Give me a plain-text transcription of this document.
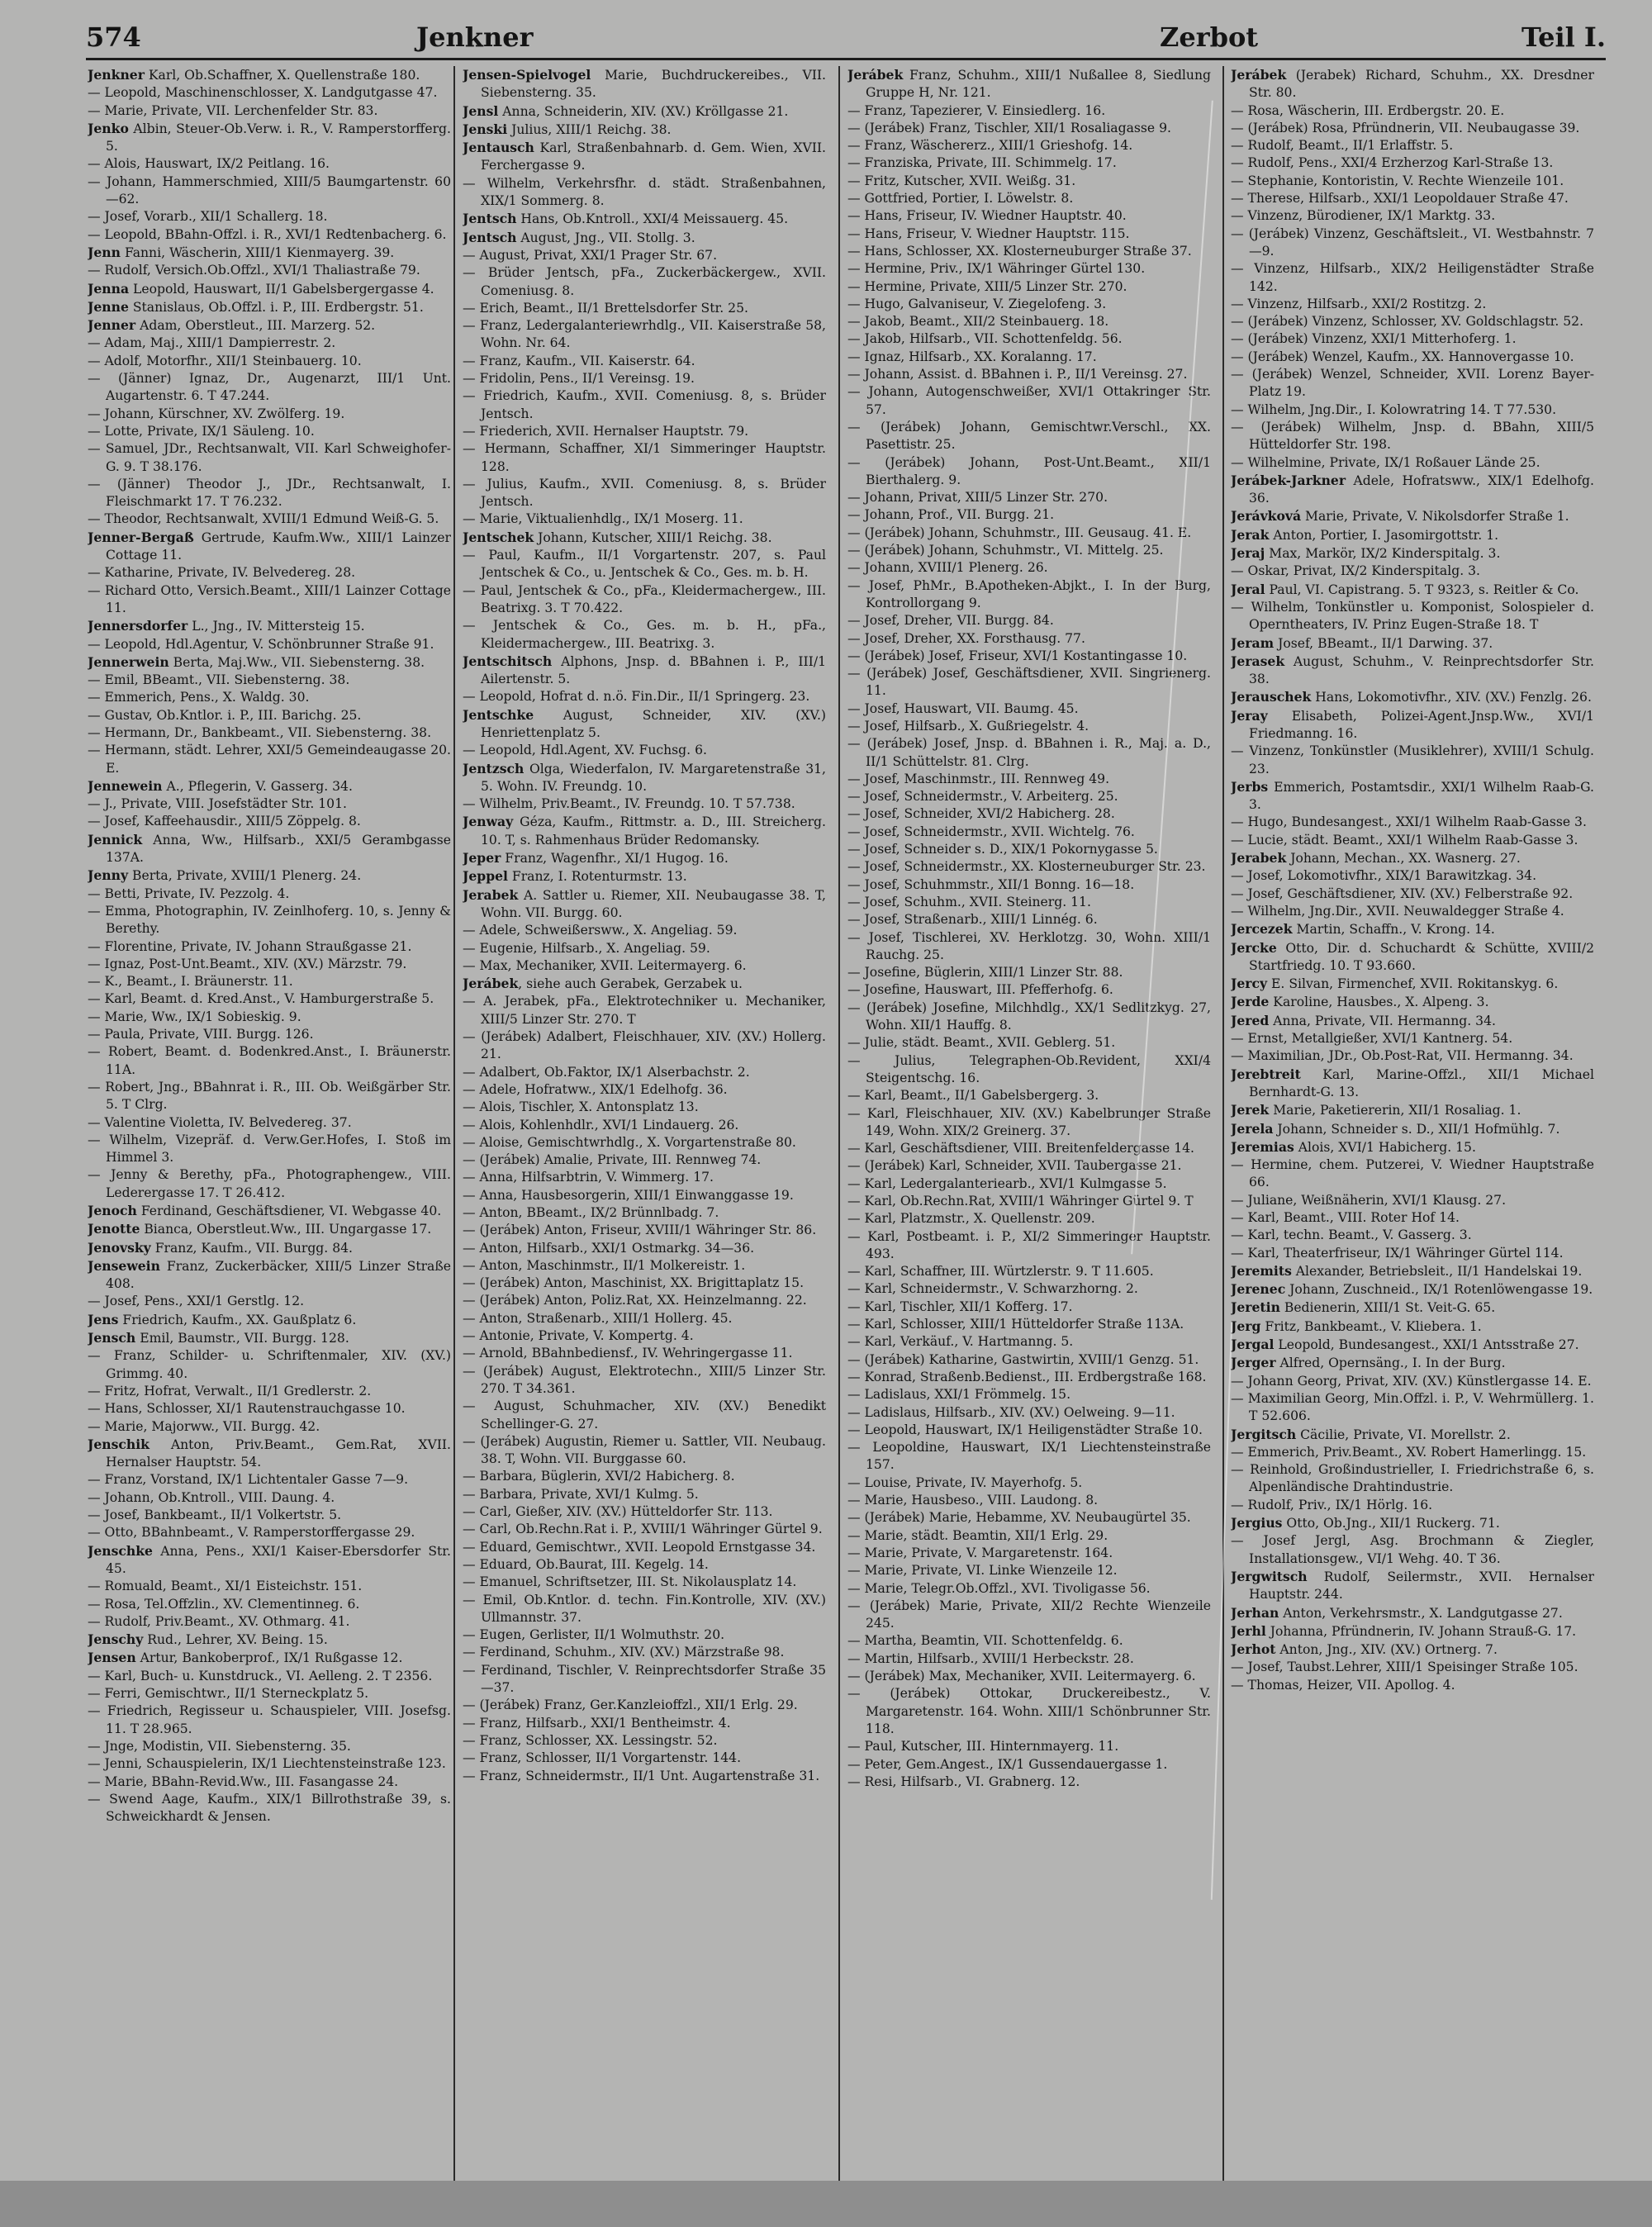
574	Jenkner	Zerbot	Teil I.

Jenkner Karl, Ob.Schaffner, X. Quellenstraße 180.

— Leopold, Maschinenschlosser, X. Landgutgasse 47.

— Marie, Private, VII. Lerchenfelder Str. 83.

Jenko Albin, Steuer-Ob.Verw. i. R., V. Ramperstorfferg. 5.

— Alois, Hauswart, IX/2 Peitlang. 16.

— Johann, Hammerschmied, XIII/5 Baumgartenstr. 60—62.

— Josef, Vorarb., XII/1 Schallerg. 18.

— Leopold, BBahn-Offzl. i. R., XVI/1 Redtenbacherg. 6.

Jenn Fanni, Wäscherin, XIII/1 Kienmayerg. 39.

— Rudolf, Versich.Ob.Offzl., XVI/1 Thaliastraße 79.

Jenna Leopold, Hauswart, II/1 Gabelsbergergasse 4.

Jenne Stanislaus, Ob.Offzl. i. P., III. Erdbergstr. 51.

Jenner Adam, Oberstleut., III. Marzerg. 52.

— Adam, Maj., XIII/1 Dampierrestr. 2.

— Adolf, Motorfhr., XII/1 Steinbauerg. 10.

— (Jänner) Ignaz, Dr., Augenarzt, III/1 Unt. Augartenstr. 6. T 47.244.

— Johann, Kürschner, XV. Zwölferg. 19.

— Lotte, Private, IX/1 Säuleng. 10.

— Samuel, JDr., Rechtsanwalt, VII. Karl Schweighofer-G. 9. T 38.176.

— (Jänner) Theodor J., JDr., Rechtsanwalt, I. Fleischmarkt 17. T 76.232.

— Theodor, Rechtsanwalt, XVIII/1 Edmund Weiß-G. 5.

Jenner-Bergaß Gertrude, Kaufm.Ww., XIII/1 Lainzer Cottage 11.

— Katharine, Private, IV. Belvedereg. 28.

— Richard Otto, Versich.Beamt., XIII/1 Lainzer Cottage 11.

Jennersdorfer L., Jng., IV. Mittersteig 15.

— Leopold, Hdl.Agentur, V. Schönbrunner Straße 91.

Jennerwein Berta, Maj.Ww., VII. Siebensterng. 38.

— Emil, BBeamt., VII. Siebensterng. 38.

— Emmerich, Pens., X. Waldg. 30.

— Gustav, Ob.Kntlor. i. P., III. Barichg. 25.

— Hermann, Dr., Bankbeamt., VII. Siebensterng. 38.

— Hermann, städt. Lehrer, XXI/5 Gemeindeaugasse 20. E.

Jennewein A., Pflegerin, V. Gasserg. 34.

— J., Private, VIII. Josefstädter Str. 101.

— Josef, Kaffeehausdir., XIII/5 Zöppelg. 8.

Jennick Anna, Ww., Hilfsarb., XXI/5 Gerambgasse 137A.

Jenny Berta, Private, XVIII/1 Plenerg. 24.

— Betti, Private, IV. Pezzolg. 4.

— Emma, Photographin, IV. Zeinlhoferg. 10, s. Jenny & Berethy.

— Florentine, Private, IV. Johann Straußgasse 21.

— Ignaz, Post-Unt.Beamt., XIV. (XV.) Märzstr. 79.

— K., Beamt., I. Bräunerstr. 11.

— Karl, Beamt. d. Kred.Anst., V. Hamburgerstraße 5.

— Marie, Ww., IX/1 Sobieskig. 9.

— Paula, Private, VIII. Burgg. 126.

— Robert, Beamt. d. Bodenkred.Anst., I. Bräunerstr. 11A.

— Robert, Jng., BBahnrat i. R., III. Ob. Weißgärber Str. 5. T Clrg.

— Valentine Violetta, IV. Belvedereg. 37.

— Wilhelm, Vizepräf. d. Verw.Ger.Hofes, I. Stoß im Himmel 3.

— Jenny & Berethy, pFa., Photographengew., VIII. Lederergasse 17. T 26.412.

Jenoch Ferdinand, Geschäftsdiener, VI. Webgasse 40.

Jenotte Bianca, Oberstleut.Ww., III. Ungargasse 17.

Jenovsky Franz, Kaufm., VII. Burgg. 84.

Jensewein Franz, Zuckerbäcker, XIII/5 Linzer Straße 408.

— Josef, Pens., XXI/1 Gerstlg. 12.

Jens Friedrich, Kaufm., XX. Gaußplatz 6.

Jensch Emil, Baumstr., VII. Burgg. 128.

— Franz, Schilder- u. Schriftenmaler, XIV. (XV.) Grimmg. 40.

— Fritz, Hofrat, Verwalt., II/1 Gredlerstr. 2.

— Hans, Schlosser, XI/1 Rautenstrauchgasse 10.

— Marie, Majorww., VII. Burgg. 42.

Jenschik Anton, Priv.Beamt., Gem.Rat, XVII. Hernalser Hauptstr. 54.

— Franz, Vorstand, IX/1 Lichtentaler Gasse 7—9.

— Johann, Ob.Kntroll., VIII. Daung. 4.

— Josef, Bankbeamt., II/1 Volkertstr. 5.

— Otto, BBahnbeamt., V. Ramperstorffergasse 29.

Jenschke Anna, Pens., XXI/1 Kaiser-Ebersdorfer Str. 45.

— Romuald, Beamt., XI/1 Eisteichstr. 151.

— Rosa, Tel.Offzlin., XV. Clementinneg. 6.

— Rudolf, Priv.Beamt., XV. Othmarg. 41.

Jenschy Rud., Lehrer, XV. Being. 15.

Jensen Artur, Bankoberprof., IX/1 Rußgasse 12.

— Karl, Buch- u. Kunstdruck., VI. Aelleng. 2. T 2356.

— Ferri, Gemischtwr., II/1 Sterneckplatz 5.

— Friedrich, Regisseur u. Schauspieler, VIII. Josefsg. 11. T 28.965.

— Jnge, Modistin, VII. Siebensterng. 35.

— Jenni, Schauspielerin, IX/1 Liechtensteinstraße 123.

— Marie, BBahn-Revid.Ww., III. Fasangasse 24.

— Swend Aage, Kaufm., XIX/1 Billrothstraße 39, s. Schweickhardt & Jensen.

Jensen-Spielvogel Marie, Buchdruckereibes., VII. Siebensterng. 35.

Jensl Anna, Schneiderin, XIV. (XV.) Kröllgasse 21.

Jenski Julius, XIII/1 Reichg. 38.

Jentausch Karl, Straßenbahnarb. d. Gem. Wien, XVII. Ferchergasse 9.

— Wilhelm, Verkehrsfhr. d. städt. Straßenbahnen, XIX/1 Sommerg. 8.

Jentsch Hans, Ob.Kntroll., XXI/4 Meissauerg. 45.

Jentsch August, Jng., VII. Stollg. 3.

— August, Privat, XXI/1 Prager Str. 67.

— Brüder Jentsch, pFa., Zuckerbäckergew., XVII. Comeniusg. 8.

— Erich, Beamt., II/1 Brettelsdorfer Str. 25.

— Franz, Ledergalanteriewrhdlg., VII. Kaiserstraße 58, Wohn. Nr. 64.

— Franz, Kaufm., VII. Kaiserstr. 64.

— Fridolin, Pens., II/1 Vereinsg. 19.

— Friedrich, Kaufm., XVII. Comeniusg. 8, s. Brüder Jentsch.

— Friederich, XVII. Hernalser Hauptstr. 79.

— Hermann, Schaffner, XI/1 Simmeringer Hauptstr. 128.

— Julius, Kaufm., XVII. Comeniusg. 8, s. Brüder Jentsch.

— Marie, Viktualienhdlg., IX/1 Moserg. 11.

Jentschek Johann, Kutscher, XIII/1 Reichg. 38.

— Paul, Kaufm., II/1 Vorgartenstr. 207, s. Paul Jentschek & Co., u. Jentschek & Co., Ges. m. b. H.

— Paul, Jentschek & Co., pFa., Kleidermachergew., III. Beatrixg. 3. T 70.422.

— Jentschek & Co., Ges. m. b. H., pFa., Kleidermachergew., III. Beatrixg. 3.

Jentschitsch Alphons, Jnsp. d. BBahnen i. P., III/1 Ailertenstr. 5.

— Leopold, Hofrat d. n.ö. Fin.Dir., II/1 Springerg. 23.

Jentschke August, Schneider, XIV. (XV.) Henriettenplatz 5.

— Leopold, Hdl.Agent, XV. Fuchsg. 6.

Jentzsch Olga, Wiederfalon, IV. Margaretenstraße 31, 5. Wohn. IV. Freundg. 10.

— Wilhelm, Priv.Beamt., IV. Freundg. 10. T 57.738.

Jenway Géza, Kaufm., Rittmstr. a. D., III. Streicherg. 10. T, s. Rahmenhaus Brüder Redomansky.

Jeper Franz, Wagenfhr., XI/1 Hugog. 16.

Jeppel Franz, I. Rotenturmstr. 13.

Jerabek A. Sattler u. Riemer, XII. Neubaugasse 38. T, Wohn. VII. Burgg. 60.

— Adele, Schweißersww., X. Angeliag. 59.

— Eugenie, Hilfsarb., X. Angeliag. 59.

— Max, Mechaniker, XVII. Leitermayerg. 6.

Jerábek, siehe auch Gerabek, Gerzabek u.

— A. Jerabek, pFa., Elektrotechniker u. Mechaniker, XIII/5 Linzer Str. 270. T

— (Jerábek) Adalbert, Fleischhauer, XIV. (XV.) Hollerg. 21.

— Adalbert, Ob.Faktor, IX/1 Alserbachstr. 2.

— Adele, Hofratww., XIX/1 Edelhofg. 36.

— Alois, Tischler, X. Antonsplatz 13.

— Alois, Kohlenhdlr., XVI/1 Lindauerg. 26.

— Aloise, Gemischtwrhdlg., X. Vorgartenstraße 80.

— (Jerábek) Amalie, Private, III. Rennweg 74.

— Anna, Hilfsarbtrin, V. Wimmerg. 17.

— Anna, Hausbesorgerin, XIII/1 Einwanggasse 19.

— Anton, BBeamt., IX/2 Brünnlbadg. 7.

— (Jerábek) Anton, Friseur, XVIII/1 Währinger Str. 86.

— Anton, Hilfsarb., XXI/1 Ostmarkg. 34—36.

— Anton, Maschinmstr., II/1 Molkereistr. 1.

— (Jerábek) Anton, Maschinist, XX. Brigittaplatz 15.

— (Jerábek) Anton, Poliz.Rat, XX. Heinzelmanng. 22.

— Anton, Straßenarb., XIII/1 Hollerg. 45.

— Antonie, Private, V. Kompertg. 4.

— Arnold, BBahnbediensf., IV. Wehringergasse 11.

— (Jerábek) August, Elektrotechn., XIII/5 Linzer Str. 270. T 34.361.

— August, Schuhmacher, XIV. (XV.) Benedikt Schellinger-G. 27.

— (Jerábek) Augustin, Riemer u. Sattler, VII. Neubaug. 38. T, Wohn. VII. Burggasse 60.

— Barbara, Büglerin, XVI/2 Habicherg. 8.

— Barbara, Private, XVI/1 Kulmg. 5.

— Carl, Gießer, XIV. (XV.) Hütteldorfer Str. 113.

— Carl, Ob.Rechn.Rat i. P., XVIII/1 Währinger Gürtel 9.

— Eduard, Gemischtwr., XVII. Leopold Ernstgasse 34.

— Eduard, Ob.Baurat, III. Kegelg. 14.

— Emanuel, Schriftsetzer, III. St. Nikolausplatz 14.

— Emil, Ob.Kntlor. d. techn. Fin.Kontrolle, XIV. (XV.) Ullmannstr. 37.

— Eugen, Gerlister, II/1 Wolmuthstr. 20.

— Ferdinand, Schuhm., XIV. (XV.) Märzstraße 98.

— Ferdinand, Tischler, V. Reinprechtsdorfer Straße 35—37.

— (Jerábek) Franz, Ger.Kanzleioffzl., XII/1 Erlg. 29.

— Franz, Hilfsarb., XXI/1 Bentheimstr. 4.

— Franz, Schlosser, XX. Lessingstr. 52.

— Franz, Schlosser, II/1 Vorgartenstr. 144.

— Franz, Schneidermstr., II/1 Unt. Augartenstraße 31.

Jerábek Franz, Schuhm., XIII/1 Nußallee 8, Siedlung Gruppe H, Nr. 121.

— Franz, Tapezierer, V. Einsiedlerg. 16.

— (Jerábek) Franz, Tischler, XII/1 Rosaliagasse 9.

— Franz, Wäschererz., XIII/1 Grieshofg. 14.

— Franziska, Private, III. Schimmelg. 17.

— Fritz, Kutscher, XVII. Weißg. 31.

— Gottfried, Portier, I. Löwelstr. 8.

— Hans, Friseur, IV. Wiedner Hauptstr. 40.

— Hans, Friseur, V. Wiedner Hauptstr. 115.

— Hans, Schlosser, XX. Klosterneuburger Straße 37.

— Hermine, Priv., IX/1 Währinger Gürtel 130.

— Hermine, Private, XIII/5 Linzer Str. 270.

— Hugo, Galvaniseur, V. Ziegelofeng. 3.

— Jakob, Beamt., XII/2 Steinbauerg. 18.

— Jakob, Hilfsarb., VII. Schottenfeldg. 56.

— Ignaz, Hilfsarb., XX. Koralanng. 17.

— Johann, Assist. d. BBahnen i. P., II/1 Vereinsg. 27.

— Johann, Autogenschweißer, XVI/1 Ottakringer Str. 57.

— (Jerábek) Johann, Gemischtwr.Verschl., XX. Pasettistr. 25.

— (Jerábek) Johann, Post-Unt.Beamt., XII/1 Bierthalerg. 9.

— Johann, Privat, XIII/5 Linzer Str. 270.

— Johann, Prof., VII. Burgg. 21.

— (Jerábek) Johann, Schuhmstr., III. Geusaug. 41. E.

— (Jerábek) Johann, Schuhmstr., VI. Mittelg. 25.

— Johann, XVIII/1 Plenerg. 26.

— Josef, PhMr., B.Apotheken-Abjkt., I. In der Burg, Kontrollorgang 9.

— Josef, Dreher, VII. Burgg. 84.

— Josef, Dreher, XX. Forsthausg. 77.

— (Jerábek) Josef, Friseur, XVI/1 Kostantingasse 10.

— (Jerábek) Josef, Geschäftsdiener, XVII. Singrienerg. 11.

— Josef, Hauswart, VII. Baumg. 45.

— Josef, Hilfsarb., X. Gußriegelstr. 4.

— (Jerábek) Josef, Jnsp. d. BBahnen i. R., Maj. a. D., II/1 Schüttelstr. 81. Clrg.

— Josef, Maschinmstr., III. Rennweg 49.

— Josef, Schneidermstr., V. Arbeiterg. 25.

— Josef, Schneider, XVI/2 Habicherg. 28.

— Josef, Schneidermstr., XVII. Wichtelg. 76.

— Josef, Schneider s. D., XIX/1 Pokornygasse 5.

— Josef, Schneidermstr., XX. Klosterneuburger Str. 23.

— Josef, Schuhmmstr., XII/1 Bonng. 16—18.

— Josef, Schuhm., XVII. Steinerg. 11.

— Josef, Straßenarb., XIII/1 Linnég. 6.

— Josef, Tischlerei, XV. Herklotzg. 30, Wohn. XIII/1 Rauchg. 25.

— Josefine, Büglerin, XIII/1 Linzer Str. 88.

— Josefine, Hauswart, III. Pfefferhofg. 6.

— (Jerábek) Josefine, Milchhdlg., XX/1 Sedlitzkyg. 27, Wohn. XII/1 Hauffg. 8.

— Julie, städt. Beamt., XVII. Geblerg. 51.

— Julius, Telegraphen-Ob.Revident, XXI/4 Steigentschg. 16.

— Karl, Beamt., II/1 Gabelsbergerg. 3.

— Karl, Fleischhauer, XIV. (XV.) Kabelbrunger Straße 149, Wohn. XIX/2 Greinerg. 37.

— Karl, Geschäftsdiener, VIII. Breitenfeldergasse 14.

— (Jerábek) Karl, Schneider, XVII. Taubergasse 21.

— Karl, Ledergalanteriearb., XVI/1 Kulmgasse 5.

— Karl, Ob.Rechn.Rat, XVIII/1 Währinger Gürtel 9. T

— Karl, Platzmstr., X. Quellenstr. 209.

— Karl, Postbeamt. i. P., XI/2 Simmeringer Hauptstr. 493.

— Karl, Schaffner, III. Würtzlerstr. 9. T 11.605.

— Karl, Schneidermstr., V. Schwarzhorng. 2.

— Karl, Tischler, XII/1 Kofferg. 17.

— Karl, Schlosser, XIII/1 Hütteldorfer Straße 113A.

— Karl, Verkäuf., V. Hartmanng. 5.

— (Jerábek) Katharine, Gastwirtin, XVIII/1 Genzg. 51.

— Konrad, Straßenb.Bedienst., III. Erdbergstraße 168.

— Ladislaus, XXI/1 Frömmelg. 15.

— Ladislaus, Hilfsarb., XIV. (XV.) Oelweing. 9—11.

— Leopold, Hauswart, IX/1 Heiligenstädter Straße 10.

— Leopoldine, Hauswart, IX/1 Liechtensteinstraße 157.

— Louise, Private, IV. Mayerhofg. 5.

— Marie, Hausbeso., VIII. Laudong. 8.

— (Jerábek) Marie, Hebamme, XV. Neubaugürtel 35.

— Marie, städt. Beamtin, XII/1 Erlg. 29.

— Marie, Private, V. Margaretenstr. 164.

— Marie, Private, VI. Linke Wienzeile 12.

— Marie, Telegr.Ob.Offzl., XVI. Tivoligasse 56.

— (Jerábek) Marie, Private, XII/2 Rechte Wienzeile 245.

— Martha, Beamtin, VII. Schottenfeldg. 6.

— Martin, Hilfsarb., XVIII/1 Herbeckstr. 28.

— (Jerábek) Max, Mechaniker, XVII. Leitermayerg. 6.

— (Jerábek) Ottokar, Druckereibestz., V. Margaretenstr. 164. Wohn. XIII/1 Schönbrunner Str. 118.

— Paul, Kutscher, III. Hinternmayerg. 11.

— Peter, Gem.Angest., IX/1 Gussendauergasse 1.

— Resi, Hilfsarb., VI. Grabnerg. 12.

Jerábek (Jerabek) Richard, Schuhm., XX. Dresdner Str. 80.

— Rosa, Wäscherin, III. Erdbergstr. 20. E.

— (Jerábek) Rosa, Pfründnerin, VII. Neubaugasse 39.

— Rudolf, Beamt., II/1 Erlaffstr. 5.

— Rudolf, Pens., XXI/4 Erzherzog Karl-Straße 13.

— Stephanie, Kontoristin, V. Rechte Wienzeile 101.

— Therese, Hilfsarb., XXI/1 Leopoldauer Straße 47.

— Vinzenz, Bürodiener, IX/1 Marktg. 33.

— (Jerábek) Vinzenz, Geschäftsleit., VI. Westbahnstr. 7—9.

— Vinzenz, Hilfsarb., XIX/2 Heiligenstädter Straße 142.

— Vinzenz, Hilfsarb., XXI/2 Rostitzg. 2.

— (Jerábek) Vinzenz, Schlosser, XV. Goldschlagstr. 52.

— (Jerábek) Vinzenz, XXI/1 Mitterhoferg. 1.

— (Jerábek) Wenzel, Kaufm., XX. Hannovergasse 10.

— (Jerábek) Wenzel, Schneider, XVII. Lorenz Bayer-Platz 19.

— Wilhelm, Jng.Dir., I. Kolowratring 14. T 77.530.

— (Jerábek) Wilhelm, Jnsp. d. BBahn, XIII/5 Hütteldorfer Str. 198.

— Wilhelmine, Private, IX/1 Roßauer Lände 25.

Jerábek-Jarkner Adele, Hofratsww., XIX/1 Edelhofg. 36.

Jerávková Marie, Private, V. Nikolsdorfer Straße 1.

Jerak Anton, Portier, I. Jasomirgottstr. 1.

Jeraj Max, Markör, IX/2 Kinderspitalg. 3.

— Oskar, Privat, IX/2 Kinderspitalg. 3.

Jeral Paul, VI. Capistrang. 5. T 9323, s. Reitler & Co.

— Wilhelm, Tonkünstler u. Komponist, Solospieler d. Operntheaters, IV. Prinz Eugen-Straße 18. T

Jeram Josef, BBeamt., II/1 Darwing. 37.

Jerasek August, Schuhm., V. Reinprechtsdorfer Str. 38.

Jerauschek Hans, Lokomotivfhr., XIV. (XV.) Fenzlg. 26.

Jeray Elisabeth, Polizei-Agent.Jnsp.Ww., XVI/1 Friedmanng. 16.

— Vinzenz, Tonkünstler (Musiklehrer), XVIII/1 Schulg. 23.

Jerbs Emmerich, Postamtsdir., XXI/1 Wilhelm Raab-G. 3.

— Hugo, Bundesangest., XXI/1 Wilhelm Raab-Gasse 3.

— Lucie, städt. Beamt., XXI/1 Wilhelm Raab-Gasse 3.

Jerabek Johann, Mechan., XX. Wasnerg. 27.

— Josef, Lokomotivfhr., XIX/1 Barawitzkag. 34.

— Josef, Geschäftsdiener, XIV. (XV.) Felberstraße 92.

— Wilhelm, Jng.Dir., XVII. Neuwaldegger Straße 4.

Jercezek Martin, Schaffn., V. Krong. 14.

Jercke Otto, Dir. d. Schuchardt & Schütte, XVIII/2 Startfriedg. 10. T 93.660.

Jercy E. Silvan, Firmenchef, XVII. Rokitanskyg. 6.

Jerde Karoline, Hausbes., X. Alpeng. 3.

Jered Anna, Private, VII. Hermanng. 34.

— Ernst, Metallgießer, XVI/1 Kantnerg. 54.

— Maximilian, JDr., Ob.Post-Rat, VII. Hermanng. 34.

Jerebtreit Karl, Marine-Offzl., XII/1 Michael Bernhardt-G. 13.

Jerek Marie, Paketiererin, XII/1 Rosaliag. 1.

Jerela Johann, Schneider s. D., XII/1 Hofmühlg. 7.

Jeremias Alois, XVI/1 Habicherg. 15.

— Hermine, chem. Putzerei, V. Wiedner Hauptstraße 66.

— Juliane, Weißnäherin, XVI/1 Klausg. 27.

— Karl, Beamt., VIII. Roter Hof 14.

— Karl, techn. Beamt., V. Gasserg. 3.

— Karl, Theaterfriseur, IX/1 Währinger Gürtel 114.

Jeremits Alexander, Betriebsleit., II/1 Handelskai 19.

Jerenec Johann, Zuschneid., IX/1 Rotenlöwengasse 19.

Jeretin Bedienerin, XIII/1 St. Veit-G. 65.

Jerg Fritz, Bankbeamt., V. Kliebera. 1.

Jergal Leopold, Bundesangest., XXI/1 Antsstraße 27.

Jerger Alfred, Opernsäng., I. In der Burg.

— Johann Georg, Privat, XIV. (XV.) Künstlergasse 14. E.

— Maximilian Georg, Min.Offzl. i. P., V. Wehrmüllerg. 1. T 52.606.

Jergitsch Cäcilie, Private, VI. Morellstr. 2.

— Emmerich, Priv.Beamt., XV. Robert Hamerlingg. 15.

— Reinhold, Großindustrieller, I. Friedrichstraße 6, s. Alpenländische Drahtindustrie.

— Rudolf, Priv., IX/1 Hörlg. 16.

Jergius Otto, Ob.Jng., XII/1 Ruckerg. 71.

— Josef Jergl, Asg. Brochmann & Ziegler, Installationsgew., VI/1 Wehg. 40. T 36.

Jergwitsch Rudolf, Seilermstr., XVII. Hernalser Hauptstr. 244.

Jerhan Anton, Verkehrsmstr., X. Landgutgasse 27.

Jerhl Johanna, Pfründnerin, IV. Johann Strauß-G. 17.

Jerhot Anton, Jng., XIV. (XV.) Ortnerg. 7.

— Josef, Taubst.Lehrer, XIII/1 Speisinger Straße 105.

— Thomas, Heizer, VII. Apollog. 4.
